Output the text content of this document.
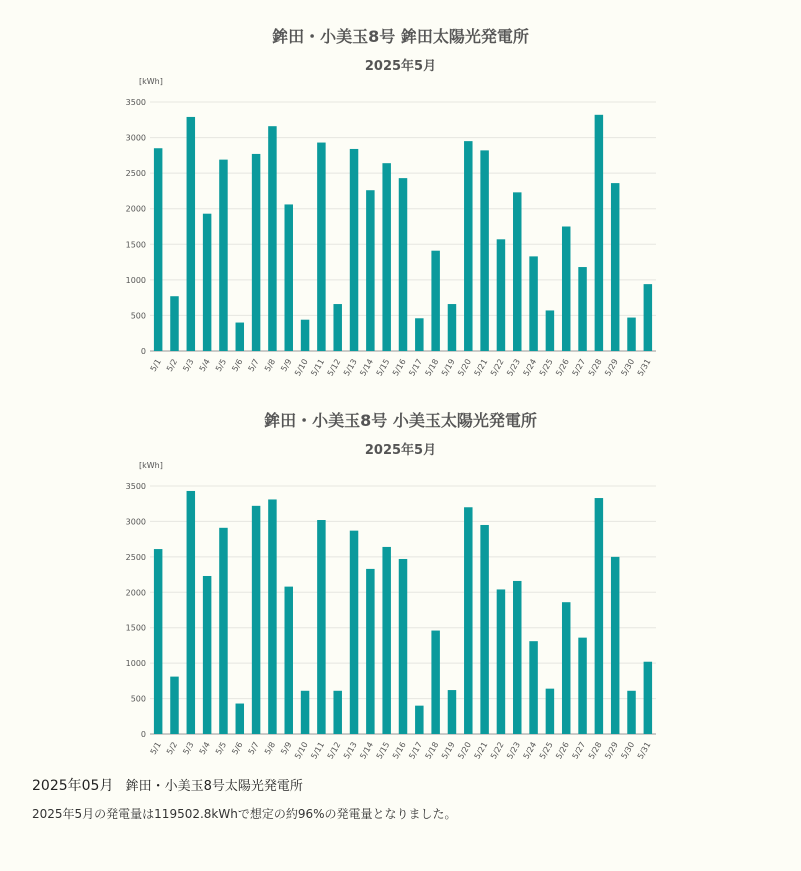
鉾田・小美玉8号 鉾田太陽光発電所
2025年5月
0
500
1000
1500
2000
2500
3000
3500
[kWh]
5/1 5/2 5/3 5/4 5/5 5/6 5/7 5/8 5/9 5/10 5/11 5/12 5/13 5/14 5/15 5/16 5/17 5/18 5/19 5/20 5/21 5/22 5/23 5/24 5/25 5/26 5/27 5/28 5/29 5/30 5/31
鉾田・小美玉8号 小美玉太陽光発電所
2025年5月
0
500
1000
1500
2000
2500
3000
3500
[kWh]
5/1 5/2 5/3 5/4 5/5 5/6 5/7 5/8 5/9 5/10 5/11 5/12 5/13 5/14 5/15 5/16 5/17 5/18 5/19 5/20 5/21 5/22 5/23 5/24 5/25 5/26 5/27 5/28 5/29 5/30 5/31
2025年05月 鉾田・小美玉8号太陽光発電所
2025年5月の発電量は119502.8kWhで想定の約96%の発電量となりました。
